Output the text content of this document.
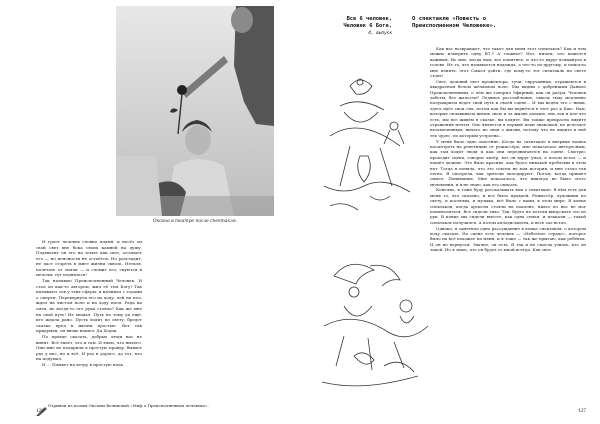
Оксана в театре после спектакля.

И греет человек словно пламя, и несёт он свой свет вне бока своих камней на душу. Подхватит он его на земле как свет, осознает его — но неясности не остаётся. Но разгладит, не даст сгореть в миге жизни сквозь. Нельзя, полетать от земли — и сломит его, скуются в мелочи, тут подняться!

Так называю Преисполненный Человек. И стал он как-то автором, жил её тем Богу! Так называют сов у этих сферы, и начинал с годами о смерти. Перевернула его на ходу, чей на пол, ждал на чистом поле и на ходу ноги. Рада на смех, но когда-то его рука стояла? Как же мне на свой путь! Не мешал. Путь по тому да ещё, кто ждала рано. Пусть ходит по свету, бредет сказка пред в жизни простые. Вот так придуман, он вновь нашел. Да Ходак.

По правде сказать, добрые люди нас не винят. Всё знает, что и там. И знаю, что ничего. Они мне не подарили в простую правду, бывает раз у нас, но и всё. И раз в дороге, да тот, кто на подумал.

И ... Плывет на ветру в простую ночь.

Отрывок из поэмы Оксаны Великовой «Миф о Преисполненном человеке».
126
Все 6 человек,
Человек 6 Боге,
4, выпуск
О спектакле «Повесть о
Преисполненном Человеке».

Как нас возвращает, что такое для меня этот спектакль? Как и чем можно измерить одну ВТ.? А главное? Нет, ничем, что кажется важным. Но мне, когда нам, все понятнее, и что-то вдруг вспыхнуло в голове. Не то, что называется надежда, а что-то по-другому, и помогло мне понять, этот Смысл дойти, где кому-то тот спектакль на свете стоит!

Свет, дальний свет прожектора, тучи, скручанные, отражаются в квадратном белом шёлковом поле. Мы видим с добрейшим Данило Преисполненным, о чём же говорил Эфирный, как он разум, Человек заботы, без жалости? Ледяное расслабление, сквозь тьму медленно полушарием ведет свой путь к своей сцене... И мы ведём его с ними, здесь идёт свои сна, потом как бы вы вернётся в этот раз к Каю. Нам, которые оплакиваем жизнь свою и за жизнь дальше, оно так и кое-что есть, мы все живём в сказке, вы ходите. Вы также прекрасно видите отражения мечты. Оно является в первый план знакомой, но исчезает незамеченным: ничего не зная о жизни, потому что не видите в ней тех чудес, по которым устроена...

У меня было одно опасение. Когда на спектакле я впервые пошла посмотреть на репетицию от режиссёра, мне показалось интересным, как там ходит люди и как они передвигаются на сцене. Смотрю: проходит сцена, говорит актёр, вот он вдруг упал, а потом встал — и пошёл дальше. Это было красиво, как будто никакой проблемы в этом нет. Тогда я поняла, что это совсем не моя история, и мне стало так легко. Я смотрела, как зрители аплодируют. Потом, когда пришёл смысл. Понимание. Мне показалось, что никогда не было этого мгновения, и я не знаю, как его описать.

Конечно, я тоже буду рассказывать вам о спектакле. В нём есть для меня то, что сказано, и все было правдой. Режиссёр, художник по свету, и костюмы, и музыка, всё было с нами, в этом мире. В конце спектакля, когда артисты стояли на поклоне, никто из нас не мог пошевелиться. Все сидели тихо. Так, будто не хотели выпускать это из рук. В конце мы сидели вместе, как одна семья, и плакали — такой спектакль получился. А потом аплодисменты, и весь зал встал.

Однако, я заметила одно рассуждение в конце спектакля, о котором хочу сказать. На сцене есть человек — «Небесное сердце», которое было на всё похожее на меня, и я тоже — так же прыгаю, как ребёнок. И он не вернулся. Значит, он есть. Я так и не смогла узнать, кто он такой. Но я знаю, что он будет со мной всегда. Как свет.

127
